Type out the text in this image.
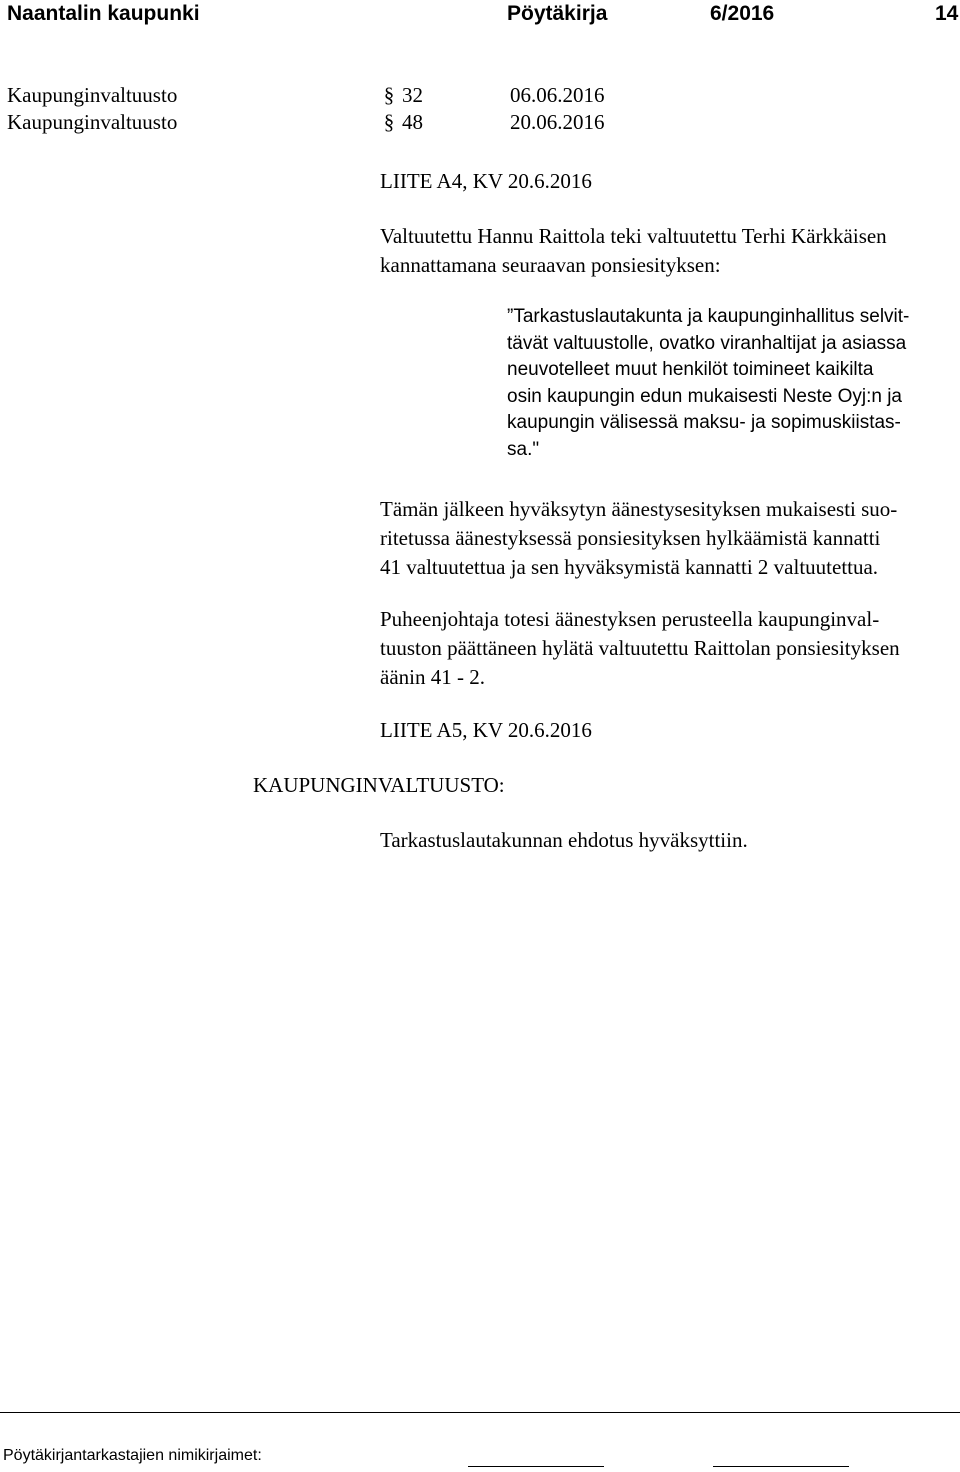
Naantalin kaupunki	Pöytäkirja	6/2016	14
Kaupunginvaltuusto	§ 32	06.06.2016
Kaupunginvaltuusto	§ 48	20.06.2016
LIITE A4, KV 20.6.2016
Valtuutettu Hannu Raittola teki valtuutettu Terhi Kärkkäisen
kannattamana seuraavan ponsiesityksen:
”Tarkastuslautakunta ja kaupunginhallitus selvit-
tävät valtuustolle, ovatko viranhaltijat ja asiassa
neuvotelleet muut henkilöt toimineet kaikilta
osin kaupungin edun mukaisesti Neste Oyj:n ja
kaupungin välisessä maksu- ja sopimuskiistas-
sa."
Tämän jälkeen hyväksytyn äänestysesityksen mukaisesti suo-
ritetussa äänestyksessä ponsiesityksen hylkäämistä kannatti
41 valtuutettua ja sen hyväksymistä kannatti 2 valtuutettua.
Puheenjohtaja totesi äänestyksen perusteella kaupunginval-
tuuston päättäneen hylätä valtuutettu Raittolan ponsiesityksen
äänin 41 - 2.
LIITE A5, KV 20.6.2016
KAUPUNGINVALTUUSTO:
Tarkastuslautakunnan ehdotus hyväksyttiin.
Pöytäkirjantarkastajien nimikirjaimet:
